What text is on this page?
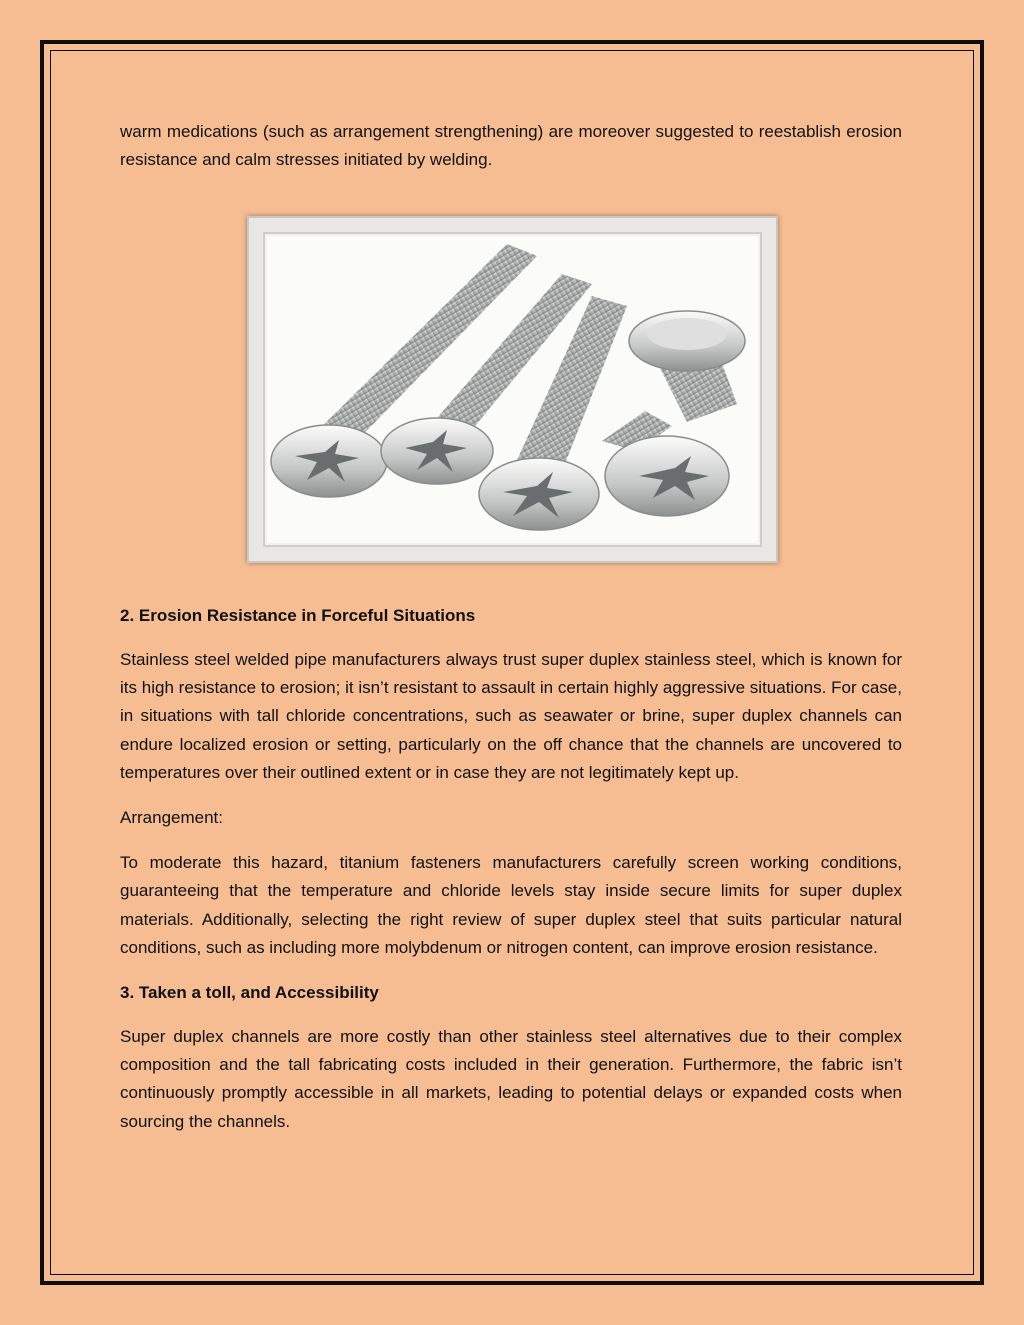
warm medications (such as arrangement strengthening) are moreover suggested to reestablish erosion resistance and calm stresses initiated by welding.

2. Erosion Resistance in Forceful Situations

Stainless steel welded pipe manufacturers always trust super duplex stainless steel, which is known for its high resistance to erosion; it isn’t resistant to assault in certain highly aggressive situations. For case, in situations with tall chloride concentrations, such as seawater or brine, super duplex channels can endure localized erosion or setting, particularly on the off chance that the channels are uncovered to temperatures over their outlined extent or in case they are not legitimately kept up.

Arrangement:

To moderate this hazard, titanium fasteners manufacturers carefully screen working conditions, guaranteeing that the temperature and chloride levels stay inside secure limits for super duplex materials. Additionally, selecting the right review of super duplex steel that suits particular natural conditions, such as including more molybdenum or nitrogen content, can improve erosion resistance.

3. Taken a toll, and Accessibility

Super duplex channels are more costly than other stainless steel alternatives due to their complex composition and the tall fabricating costs included in their generation. Furthermore, the fabric isn’t continuously promptly accessible in all markets, leading to potential delays or expanded costs when sourcing the channels.
